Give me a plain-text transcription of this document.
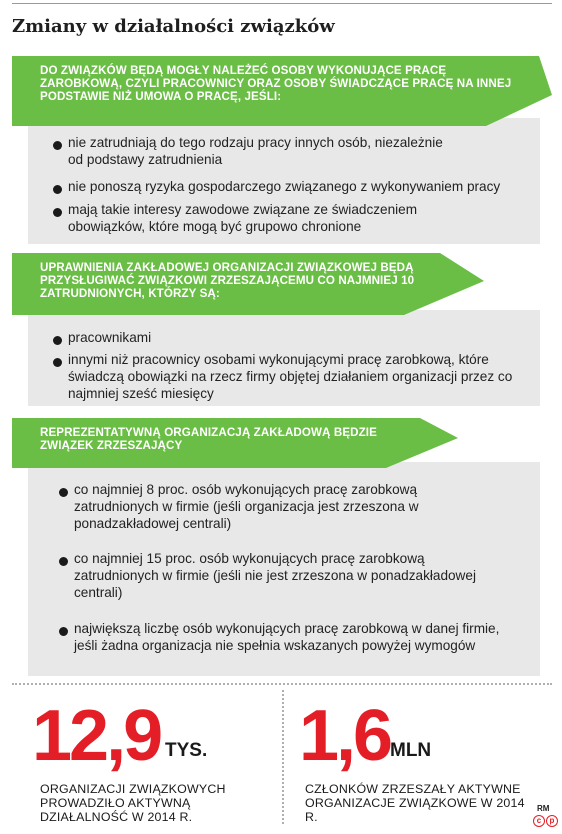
Zmiany w działalności związków

DO ZWIĄZKÓW BĘDĄ MOGŁY NALEŻEĆ OSOBY WYKONUJĄCE PRACĘ ZAROBKOWĄ, CZYLI PRACOWNICY ORAZ OSOBY ŚWIADCZĄCE PRACĘ NA INNEJ PODSTAWIE NIŻ UMOWA O PRACĘ, JEŚLI:

nie zatrudniają do tego rodzaju pracy innych osób, niezależnie od podstawy zatrudnienia
nie ponoszą ryzyka gospodarczego związanego z wykonywaniem pracy
mają takie interesy zawodowe związane ze świadczeniem obowiązków, które mogą być grupowo chronione

UPRAWNIENIA ZAKŁADOWEJ ORGANIZACJI ZWIĄZKOWEJ BĘDĄ PRZYSŁUGIWAĆ ZWIĄZKOWI ZRZESZAJĄCEMU CO NAJMNIEJ 10 ZATRUDNIONYCH, KTÓRZY SĄ:

pracownikami
innymi niż pracownicy osobami wykonującymi pracę zarobkową, które świadczą obowiązki na rzecz firmy objętej działaniem organizacji przez co najmniej sześć miesięcy

REPREZENTATYWNĄ ORGANIZACJĄ ZAKŁADOWĄ BĘDZIE ZWIĄZEK ZRZESZAJĄCY

co najmniej 8 proc. osób wykonujących pracę zarobkową zatrudnionych w firmie (jeśli organizacja jest zrzeszona w ponadzakładowej centrali)
co najmniej 15 proc. osób wykonujących pracę zarobkową zatrudnionych w firmie (jeśli nie jest zrzeszona w ponadzakładowej centrali)
największą liczbę osób wykonujących pracę zarobkową w danej firmie, jeśli żadna organizacja nie spełnia wskazanych powyżej wymogów
12,9 TYS.
ORGANIZACJI ZWIĄZKOWYCH PROWADZIŁO AKTYWNĄ DZIAŁALNOŚĆ W 2014 R.
1,6 MLN
CZŁONKÓW ZRZESZAŁY AKTYWNE ORGANIZACJE ZWIĄZKOWE W 2014 R.
RM
c	p
